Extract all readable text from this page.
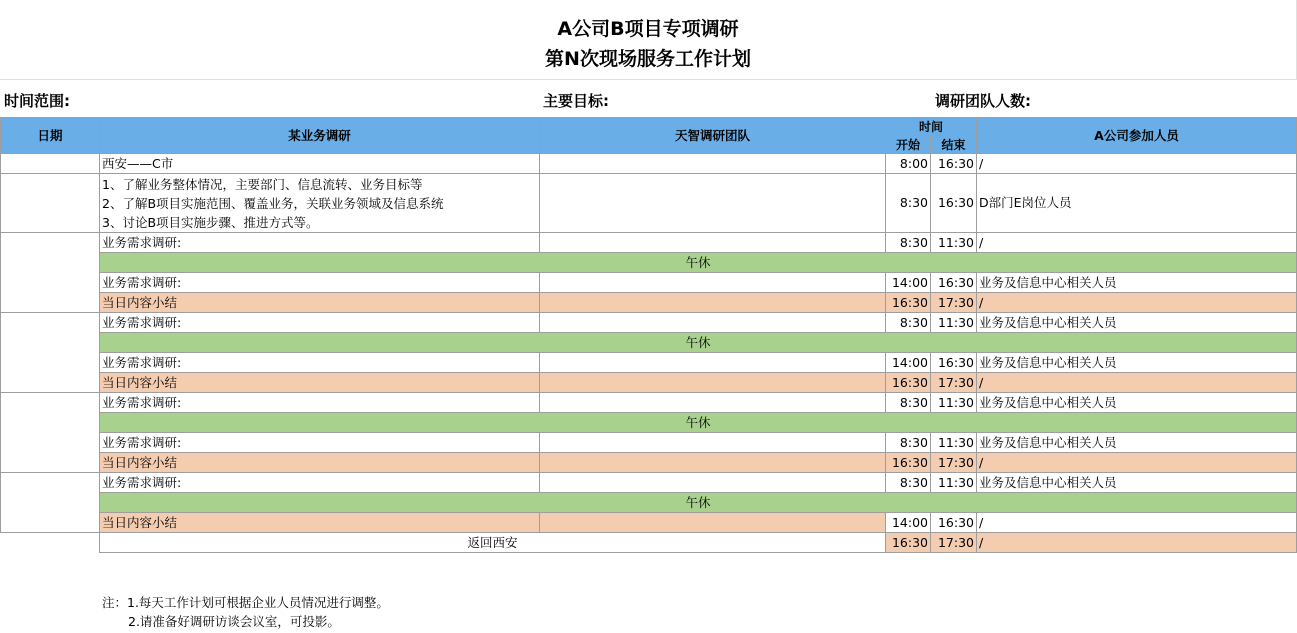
A公司B项目专项调研
第N次现场服务工作计划
时间范围:	主要目标:	调研团队人数:
日期	某业务调研	天智调研团队	时间		A公司参加人员
			开始	结束	
	西安——C市		8:00	16:30	/

	1、了解业务整体情况，主要部门、信息流转、业务目标等
2、了解B项目实施范围、覆盖业务，关联业务领域及信息系统
3、讨论B项目实施步骤、推进方式等。		8:30	16:30	D部门E岗位人员
	业务需求调研:		8:30	11:30	/
	午休				
	业务需求调研:		14:00	16:30	业务及信息中心相关人员
	当日内容小结		16:30	17:30	/
	业务需求调研:		8:30	11:30	业务及信息中心相关人员
	午休				
	业务需求调研:		14:00	16:30	业务及信息中心相关人员
	当日内容小结		16:30	17:30	/
	业务需求调研:		8:30	11:30	业务及信息中心相关人员
	午休				
	业务需求调研:		8:30	11:30	业务及信息中心相关人员
	当日内容小结		16:30	17:30	/
	业务需求调研:		8:30	11:30	业务及信息中心相关人员
	午休				
	当日内容小结		14:00	16:30	/
	返回西安		16:30	17:30	/
注：1.每天工作计划可根据企业人员情况进行调整。
2.请准备好调研访谈会议室，可投影。
